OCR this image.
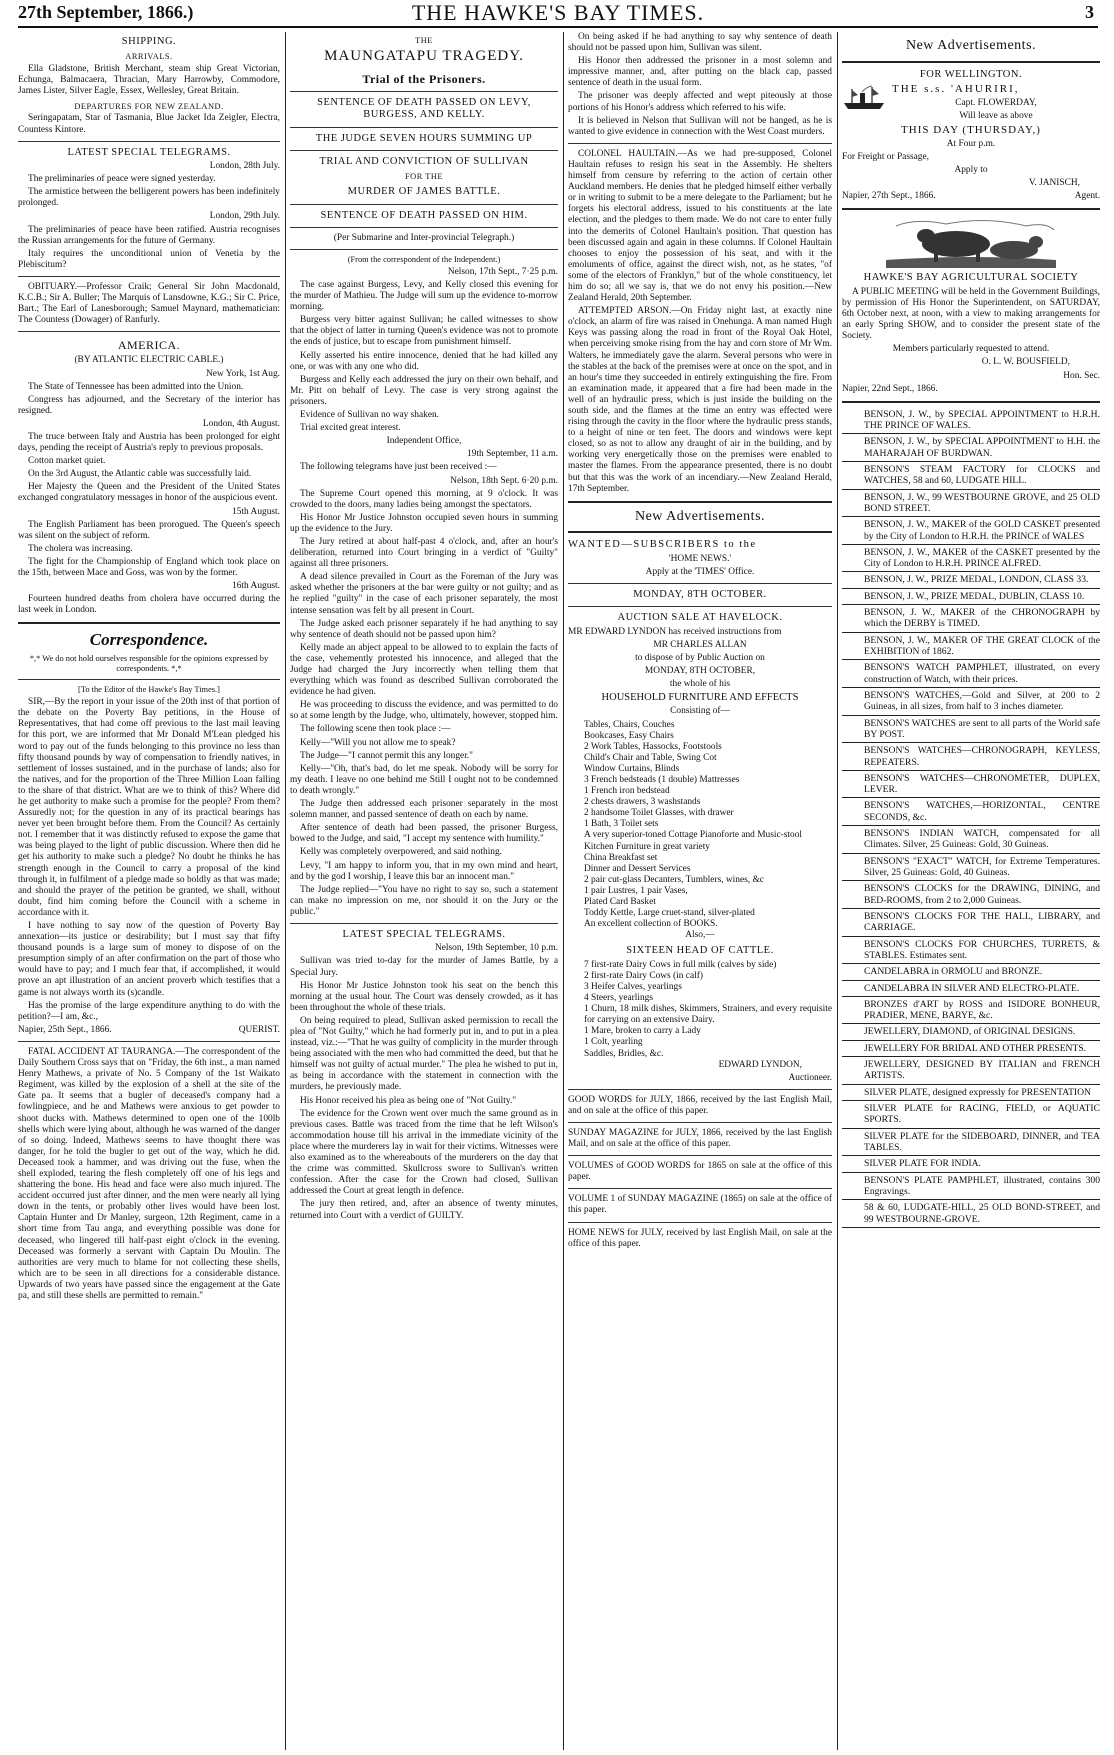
27th September, 1866.)	THE HAWKE'S BAY TIMES.	3
SHIPPING.
ARRIVALS.

Ella Gladstone, British Merchant, steam ship Great Victorian, Echunga, Balmacaera, Thracian, Mary Harrowby, Commodore, James Lister, Silver Eagle, Essex, Wellesley, Great Britain.

DEPARTURES FOR NEW ZEALAND.

Seringapatam, Star of Tasmania, Blue Jacket Ida Zeigler, Electra, Countess Kintore.

LATEST SPECIAL TELEGRAMS.

London, 28th July.

The preliminaries of peace were signed yesterday.

The armistice between the belligerent powers has been indefinitely prolonged.

London, 29th July.

The preliminaries of peace have been ratified. Austria recognises the Russian arrangements for the future of Germany.

Italy requires the unconditional union of Venetia by the Plebiscitum?

OBITUARY.—Professor Craik; General Sir John Macdonald, K.C.B.; Sir A. Buller; The Marquis of Lansdowne, K.G.; Sir C. Price, Bart.; The Earl of Lanesborough; Samuel Maynard, mathematician: The Countess (Dowager) of Ranfurly.

AMERICA.

(BY ATLANTIC ELECTRIC CABLE.)

New York, 1st Aug.

The State of Tennessee has been admitted into the Union.

Congress has adjourned, and the Secretary of the interior has resigned.

London, 4th August.

The truce between Italy and Austria has been prolonged for eight days, pending the receipt of Austria's reply to previous proposals.

Cotton market quiet.

On the 3rd August, the Atlantic cable was successfully laid.

Her Majesty the Queen and the President of the United States exchanged congratulatory messages in honor of the auspicious event.

15th August.

The English Parliament has been prorogued. The Queen's speech was silent on the subject of reform.

The cholera was increasing.

The fight for the Championship of England which took place on the 15th, between Mace and Goss, was won by the former.

16th August.

Fourteen hundred deaths from cholera have occurred during the last week in London.

Correspondence.

*,* We do not hold ourselves responsible for the opinions expressed by correspondents. *,*

[To the Editor of the Hawke's Bay Times.]

SIR,—By the report in your issue of the 20th inst of that portion of the debate on the Poverty Bay petitions, in the House of Representatives, that had come off previous to the last mail leaving for this port, we are informed that Mr Donald M'Lean pledged his word to pay out of the funds belonging to this province no less than fifty thousand pounds by way of compensation to friendly natives, in settlement of losses sustained, and in the purchase of lands; also for the natives, and for the proportion of the Three Million Loan falling to the share of that district. What are we to think of this? Where did he get authority to make such a promise for the people? From them? Assuredly not; for the question in any of its practical bearings has never yet been brought before them. From the Council? As certainly not. I remember that it was distinctly refused to expose the game that was being played to the light of public discussion. Where then did he get his authority to make such a pledge? No doubt he thinks he has strength enough in the Council to carry a proposal of the kind through it, in fulfilment of a pledge made so boldly as that was made; and should the prayer of the petition be granted, we shall, without doubt, find him coming before the Council with a scheme in accordance with it.

I have nothing to say now of the question of Poverty Bay annexation—its justice or desirability; but I must say that fifty thousand pounds is a large sum of money to dispose of on the presumption simply of an after confirmation on the part of those who would have to pay; and I much fear that, if accomplished, it would prove an apt illustration of an ancient proverb which testifies that a game is not always worth its (s)candle.

Has the promise of the large expenditure anything to do with the petition?—I am, &c.,

Napier, 25th Sept., 1866.	QUERIST.

FATAL ACCIDENT AT TAURANGA.—The correspondent of the Daily Southern Cross says that on "Friday, the 6th inst., a man named Henry Mathews, a private of No. 5 Company of the 1st Waikato Regiment, was killed by the explosion of a shell at the site of the Gate pa. It seems that a bugler of deceased's company had a fowlingpiece, and he and Mathews were anxious to get powder to shoot ducks with. Mathews determined to open one of the 100lb shells which were lying about, although he was warned of the danger of so doing. Indeed, Mathews seems to have thought there was danger, for he told the bugler to get out of the way, which he did. Deceased took a hammer, and was driving out the fuse, when the shell exploded, tearing the flesh completely off one of his legs and shattering the bone. His head and face were also much injured. The accident occurred just after dinner, and the men were nearly all lying down in the tents, or probably other lives would have been lost. Captain Hunter and Dr Manley, surgeon, 12th Regiment, came in a short time from Tau anga, and everything possible was done for deceased, who lingered till half-past eight o'clock in the evening. Deceased was formerly a servant with Captain Du Moulin. The authorities are very much to blame for not collecting these shells, which are to be seen in all directions for a considerable distance. Upwards of two years have passed since the engagement at the Gate pa, and still these shells are permitted to remain."

THE
MAUNGATAPU TRAGEDY.
Trial of the Prisoners.
SENTENCE OF DEATH PASSED ON LEVY, BURGESS, AND KELLY.
THE JUDGE SEVEN HOURS SUMMING UP
TRIAL AND CONVICTION OF SULLIVAN
FOR THE
MURDER OF JAMES BATTLE.
SENTENCE OF DEATH PASSED ON HIM.

(Per Submarine and Inter-provincial Telegraph.)

(From the correspondent of the Independent.)

Nelson, 17th Sept., 7·25 p.m.

The case against Burgess, Levy, and Kelly closed this evening for the murder of Mathieu. The Judge will sum up the evidence to-morrow morning.

Burgess very bitter against Sullivan; he called witnesses to show that the object of latter in turning Queen's evidence was not to promote the ends of justice, but to escape from punishment himself.

Kelly asserted his entire innocence, denied that he had killed any one, or was with any one who did.

Burgess and Kelly each addressed the jury on their own behalf, and Mr. Pitt on behalf of Levy. The case is very strong against the prisoners.

Evidence of Sullivan no way shaken.

Trial excited great interest.

Independent Office,

19th September, 11 a.m.

The following telegrams have just been received :—

Nelson, 18th Sept. 6·20 p.m.

The Supreme Court opened this morning, at 9 o'clock. It was crowded to the doors, many ladies being amongst the spectators.

His Honor Mr Justice Johnston occupied seven hours in summing up the evidence to the Jury.

The Jury retired at about half-past 4 o'clock, and, after an hour's deliberation, returned into Court bringing in a verdict of "Guilty" against all three prisoners.

A dead silence prevailed in Court as the Foreman of the Jury was asked whether the prisoners at the bar were guilty or not guilty; and as he replied "guilty" in the case of each prisoner separately, the most intense sensation was felt by all present in Court.

The Judge asked each prisoner separately if he had anything to say why sentence of death should not be passed upon him?

Kelly made an abject appeal to be allowed to to explain the facts of the case, vehemently protested his innocence, and alleged that the Judge had charged the Jury incorrectly when telling them that everything which was found as described Sullivan corroborated the evidence he had given.

He was proceeding to discuss the evidence, and was permitted to do so at some length by the Judge, who, ultimately, however, stopped him.

The following scene then took place :—

Kelly—"Will you not allow me to speak?

The Judge—"I cannot permit this any longer."

Kelly—"Oh, that's bad, do let me speak. Nobody will be sorry for my death. I leave no one behind me Still I ought not to be condemned to death wrongly."

The Judge then addressed each prisoner separately in the most solemn manner, and passed sentence of death on each by name.

After sentence of death had been passed, the prisoner Burgess, bowed to the Judge, and said, "I accept my sentence with humility."

Kelly was completely overpowered, and said nothing.

Levy, "I am happy to inform you, that in my own mind and heart, and by the god I worship, I leave this bar an innocent man."

The Judge replied—"You have no right to say so, such a statement can make no impression on me, nor should it on the Jury or the public."

LATEST SPECIAL TELEGRAMS.

Nelson, 19th September, 10 p.m.

Sullivan was tried to-day for the murder of James Battle, by a Special Jury.

His Honor Mr Justice Johnston took his seat on the bench this morning at the usual hour. The Court was densely crowded, as it has been throughout the whole of these trials.

On being required to plead, Sullivan asked permission to recall the plea of "Not Guilty," which he had formerly put in, and to put in a plea instead, viz.:—"That he was guilty of complicity in the murder through being associated with the men who had committed the deed, but that he himself was not guilty of actual murder." The plea he wished to put in, as being in accordance with the statement in connection with the murders, he previously made.

His Honor received his plea as being one of "Not Guilty."

The evidence for the Crown went over much the same ground as in previous cases. Battle was traced from the time that he left Wilson's accommodation house till his arrival in the immediate vicinity of the place where the murderers lay in wait for their victims. Witnesses were also examined as to the whereabouts of the murderers on the day that the crime was committed. Skullcross swore to Sullivan's written confession. After the case for the Crown had closed, Sullivan addressed the Court at great length in defence.

The jury then retired, and, after an absence of twenty minutes, returned into Court with a verdict of GUILTY.

On being asked if he had anything to say why sentence of death should not be passed upon him, Sullivan was silent.

His Honor then addressed the prisoner in a most solemn and impressive manner, and, after putting on the black cap, passed sentence of death in the usual form.

The prisoner was deeply affected and wept piteously at those portions of his Honor's address which referred to his wife.

It is believed in Nelson that Sullivan will not be hanged, as he is wanted to give evidence in connection with the West Coast murders.

COLONEL HAULTAIN.—As we had pre-supposed, Colonel Haultain refuses to resign his seat in the Assembly. He shelters himself from censure by referring to the action of certain other Auckland members. He denies that he pledged himself either verbally or in writing to submit to be a mere delegate to the Parliament; but he forgets his electoral address, issued to his constituents at the late election, and the pledges to them made. We do not care to enter fully into the demerits of Colonel Haultain's position. That question has been discussed again and again in these columns. If Colonel Haultain chooses to enjoy the possession of his seat, and with it the emoluments of office, against the direct wish, not, as he states, "of some of the electors of Franklyn," but of the whole constituency, let him do so; all we say is, that we do not envy his position.—New Zealand Herald, 20th September.

ATTEMPTED ARSON.—On Friday night last, at exactly nine o'clock, an alarm of fire was raised in Onehunga. A man named Hugh Keys was passing along the road in front of the Royal Oak Hotel, when perceiving smoke rising from the hay and corn store of Mr Wm. Walters, he immediately gave the alarm. Several persons who were in the stables at the back of the premises were at once on the spot, and in an hour's time they succeeded in entirely extinguishing the fire. From an examination made, it appeared that a fire had been made in the well of an hydraulic press, which is just inside the building on the south side, and the flames at the time an entry was effected were rising through the cavity in the floor where the hydraulic press stands, to a height of nine or ten feet. The doors and windows were kept closed, so as not to allow any draught of air in the building, and by working very energetically those on the premises were enabled to master the flames. From the appearance presented, there is no doubt but that this was the work of an incendiary.—New Zealand Herald, 17th September.

New Advertisements.

WANTED—SUBSCRIBERS to the

'HOME NEWS.'

Apply at the 'TIMES' Office.

MONDAY, 8TH OCTOBER.
AUCTION SALE AT HAVELOCK.

MR EDWARD LYNDON has received instructions from

MR CHARLES ALLAN

to dispose of by Public Auction on

MONDAY, 8TH OCTOBER,

the whole of his

HOUSEHOLD FURNITURE AND EFFECTS

Consisting of—

Tables, Chairs, Couches

Bookcases, Easy Chairs

2 Work Tables, Hassocks, Footstools

Child's Chair and Table, Swing Cot

Window Curtains, Blinds

3 French bedsteads (1 double) Mattresses

1 French iron bedstead

2 chests drawers, 3 washstands

2 handsome Toilet Glasses, with drawer

1 Bath, 3 Toilet sets

A very superior-toned Cottage Pianoforte and Music-stool

Kitchen Furniture in great variety

China Breakfast set

Dinner and Dessert Services

2 pair cut-glass Decanters, Tumblers, wines, &c

1 pair Lustres, 1 pair Vases,

Plated Card Basket

Toddy Kettle, Large cruet-stand, silver-plated

An excellent collection of BOOKS.

Also,—

SIXTEEN HEAD OF CATTLE.

7 first-rate Dairy Cows in full milk (calves by side)

2 first-rate Dairy Cows (in calf)

3 Heifer Calves, yearlings

4 Steers, yearlings

1 Churn, 18 milk dishes, Skimmers, Strainers, and every requisite for carrying on an extensive Dairy.

1 Mare, broken to carry a Lady

1 Colt, yearling

Saddles, Bridles, &c.

EDWARD LYNDON,

Auctioneer.

GOOD WORDS for JULY, 1866, received by the last English Mail, and on sale at the office of this paper.

SUNDAY MAGAZINE for JULY, 1866, received by the last English Mail, and on sale at the office of this paper.

VOLUMES of GOOD WORDS for 1865 on sale at the office of this paper.

VOLUME 1 of SUNDAY MAGAZINE (1865) on sale at the office of this paper.

HOME NEWS for JULY, received by last English Mail, on sale at the office of this paper.

New Advertisements.
FOR WELLINGTON.

THE s.s. 'AHURIRI,

Capt. FLOWERDAY,

Will leave as above

THIS DAY (THURSDAY,)

At Four p.m.

For Freight or Passage,

Apply to

V. JANISCH,

Napier, 27th Sept., 1866.	Agent.

HAWKE'S BAY AGRICULTURAL SOCIETY

A PUBLIC MEETING will be held in the Government Buildings, by permission of His Honor the Superintendent, on SATURDAY, 6th October next, at noon, with a view to making arrangements for an early Spring SHOW, and to consider the present state of the Society.

Members particularly requested to attend.

O. L. W. BOUSFIELD,

Hon. Sec.

Napier, 22nd Sept., 1866.

BENSON, J. W., by SPECIAL APPOINTMENT to H.R.H. THE PRINCE OF WALES.

BENSON, J. W., by SPECIAL APPOINTMENT to H.H. the MAHARAJAH OF BURDWAN.

BENSON'S STEAM FACTORY for CLOCKS and WATCHES, 58 and 60, LUDGATE HILL.

BENSON, J. W., 99 WESTBOURNE GROVE, and 25 OLD BOND STREET.

BENSON, J. W., MAKER of the GOLD CASKET presented by the City of London to H.R.H. the PRINCE of WALES

BENSON, J. W., MAKER of the CASKET presented by the City of London to H.R.H. PRINCE ALFRED.

BENSON, J. W., PRIZE MEDAL, LONDON, CLASS 33.

BENSON, J. W., PRIZE MEDAL, DUBLIN, CLASS 10.

BENSON, J. W., MAKER of the CHRONOGRAPH by which the DERBY is TIMED.

BENSON, J. W., MAKER OF THE GREAT CLOCK of the EXHIBITION of 1862.

BENSON'S WATCH PAMPHLET, illustrated, on every construction of Watch, with their prices.

BENSON'S WATCHES,—Gold and Silver, at 200 to 2 Guineas, in all sizes, from half to 3 inches diameter.

BENSON'S WATCHES are sent to all parts of the World safe BY POST.

BENSON'S WATCHES—CHRONOGRAPH, KEYLESS, REPEATERS.

BENSON'S WATCHES—CHRONOMETER, DUPLEX, LEVER.

BENSON'S WATCHES,—HORIZONTAL, CENTRE SECONDS, &c.

BENSON'S INDIAN WATCH, compensated for all Climates. Silver, 25 Guineas: Gold, 30 Guineas.

BENSON'S "EXACT" WATCH, for Extreme Temperatures. Silver, 25 Guineas: Gold, 40 Guineas.

BENSON'S CLOCKS for the DRAWING, DINING, and BED-ROOMS, from 2 to 2,000 Guineas.

BENSON'S CLOCKS FOR THE HALL, LIBRARY, and CARRIAGE.

BENSON'S CLOCKS FOR CHURCHES, TURRETS, & STABLES. Estimates sent.

CANDELABRA in ORMOLU and BRONZE.

CANDELABRA IN SILVER AND ELECTRO-PLATE.

BRONZES d'ART by ROSS and ISIDORE BONHEUR, PRADIER, MENE, BARYE, &c.

JEWELLERY, DIAMOND, of ORIGINAL DESIGNS.

JEWELLERY FOR BRIDAL AND OTHER PRESENTS.

JEWELLERY, DESIGNED BY ITALIAN and FRENCH ARTISTS.

SILVER PLATE, designed expressly for PRESENTATION

SILVER PLATE for RACING, FIELD, or AQUATIC SPORTS.

SILVER PLATE for the SIDEBOARD, DINNER, and TEA TABLES.

SILVER PLATE FOR INDIA.

BENSON'S PLATE PAMPHLET, illustrated, contains 300 Engravings.

58 & 60, LUDGATE-HILL, 25 OLD BOND-STREET, and 99 WESTBOURNE-GROVE.
